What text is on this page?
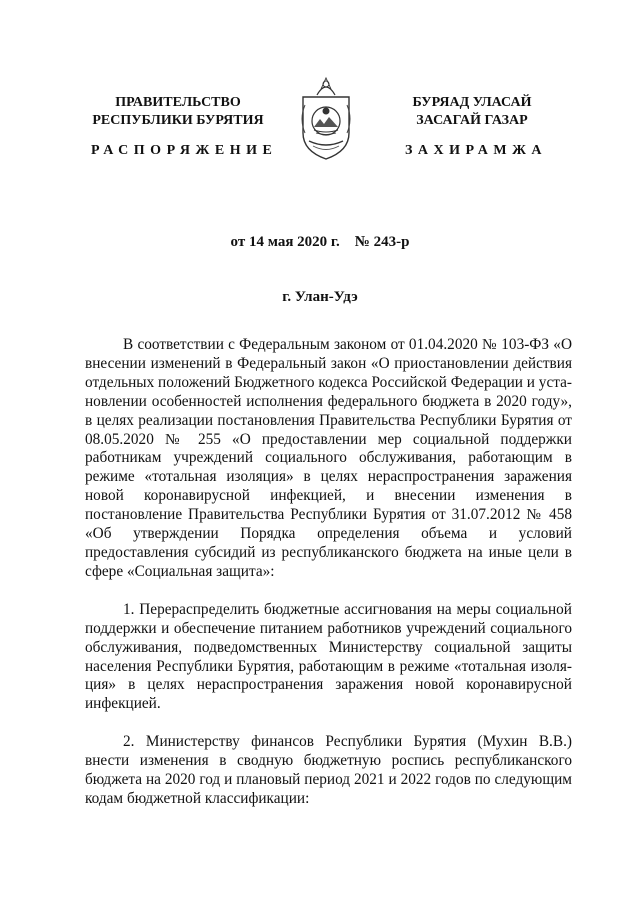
ПРАВИТЕЛЬСТВО
РЕСПУБЛИКИ БУРЯТИЯ
БУРЯАД УЛАСАЙ
ЗАСАГАЙ ГАЗАР
РАСПОРЯЖЕНИЕ	ЗАХИРАМЖА
от 14 мая 2020 г.    № 243-р
г. Улан-Удэ

В соответствии с Федеральным законом от 01.04.2020 № 103-ФЗ «О внесении изменений в Федеральный закон «О приостановлении действия отдельных положений Бюджетного кодекса Российской Федерации и установлении особенностей исполнения федерального бюджета в 2020 году», в целях реализации постановления Правительства Республики Бурятия от 08.05.2020 № 255 «О предоставлении мер социальной поддержки работникам учреждений социального обслуживания, работающим в режиме «тотальная изоляция» в целях нераспространения заражения новой коронавирусной инфекцией, и внесении изменения в постановление Правительства Республики Бурятия от 31.07.2012 № 458 «Об утверждении Порядка определения объема и условий предоставления субсидий из республиканского бюджета на иные цели в сфере «Социальная защита»:

1. Перераспределить бюджетные ассигнования на меры социальной поддержки и обеспечение питанием работников учреждений социального обслуживания, подведомственных Министерству социальной защиты населения Республики Бурятия, работающим в режиме «тотальная изоляция» в целях нераспространения заражения новой коронавирусной инфекцией.

2. Министерству финансов Республики Бурятия (Мухин В.В.) внести изменения в сводную бюджетную роспись республиканского бюджета на 2020 год и плановый период 2021 и 2022 годов по следующим кодам бюджетной классификации:
